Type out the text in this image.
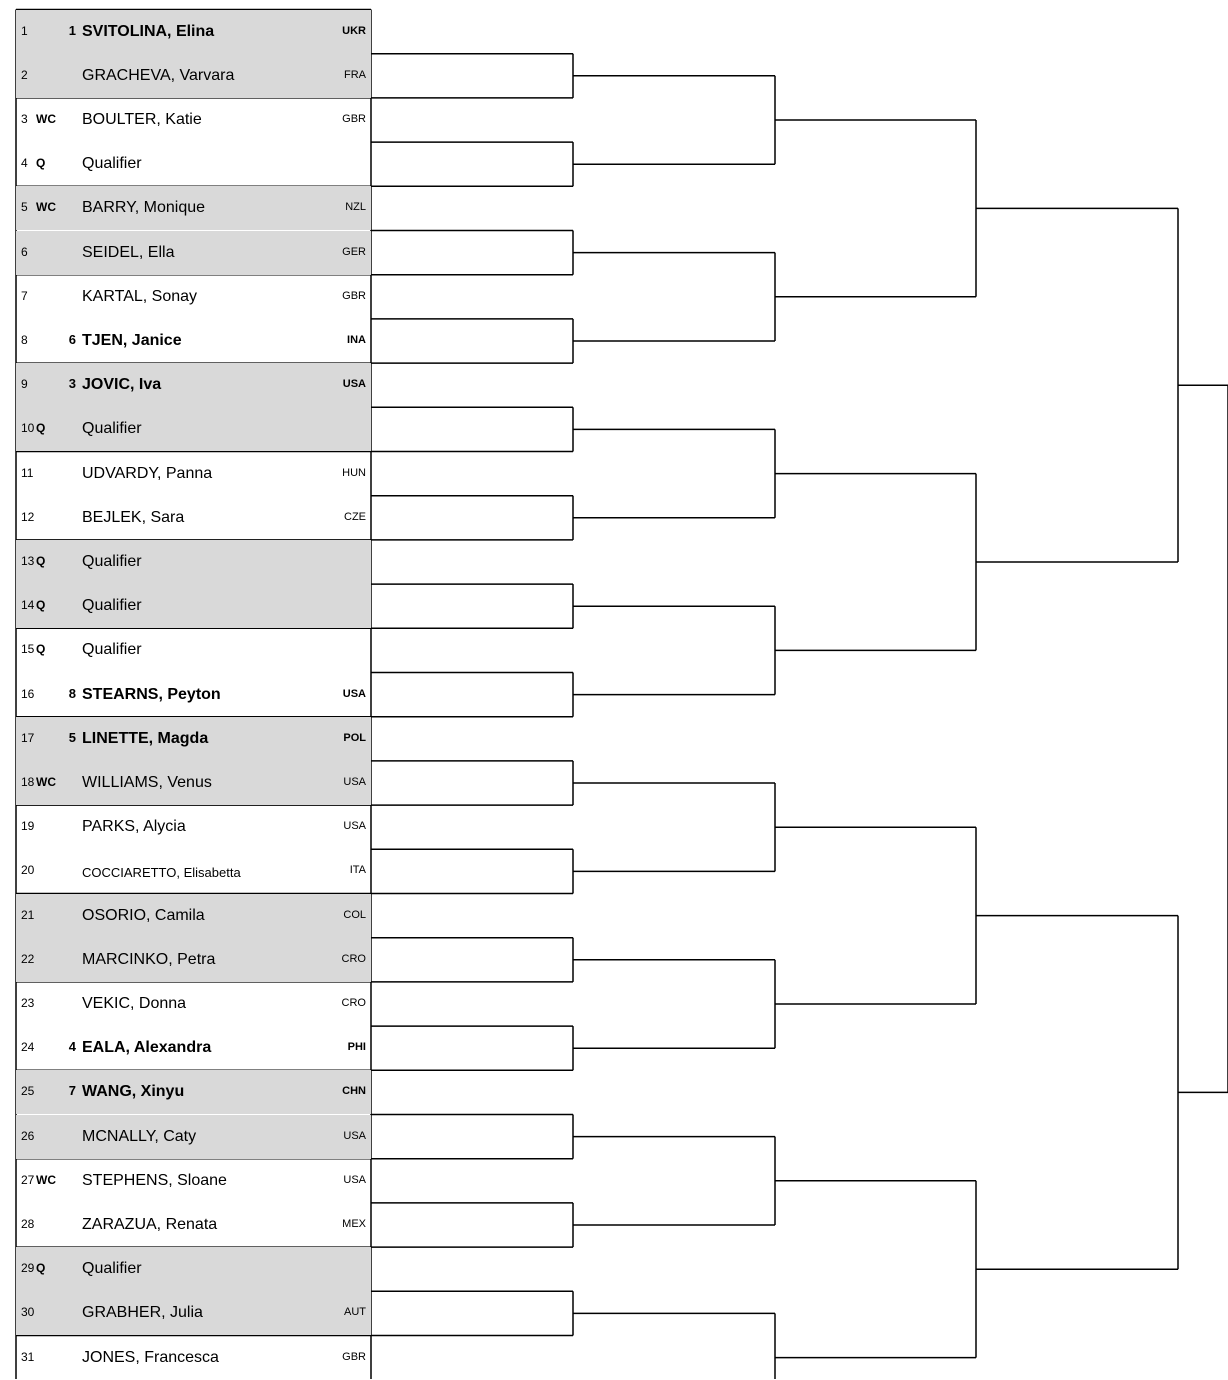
1	1 SVITOLINA, Elina	UKR
2	GRACHEVA, Varvara	FRA
3 WC BOULTER, Katie	GBR
4 Q Qualifier
5 WC BARRY, Monique	NZL
6	SEIDEL, Ella	GER
7	KARTAL, Sonay	GBR
8	6 TJEN, Janice	INA
9	3 JOVIC, Iva	USA
10 Q Qualifier
11	UDVARDY, Panna	HUN
12	BEJLEK, Sara	CZE
13 Q Qualifier
14 Q Qualifier
15 Q Qualifier
16	8 STEARNS, Peyton	USA
17	5 LINETTE, Magda	POL
18 WC WILLIAMS, Venus	USA
19	PARKS, Alycia	USA
20	COCCIARETTO, Elisabetta	ITA
21	OSORIO, Camila	COL
22	MARCINKO, Petra	CRO
23	VEKIC, Donna	CRO
24	4 EALA, Alexandra	PHI
25	7 WANG, Xinyu	CHN
26	MCNALLY, Caty	USA
27 WC STEPHENS, Sloane	USA
28	ZARAZUA, Renata	MEX
29 Q Qualifier
30	GRABHER, Julia	AUT
31	JONES, Francesca	GBR
